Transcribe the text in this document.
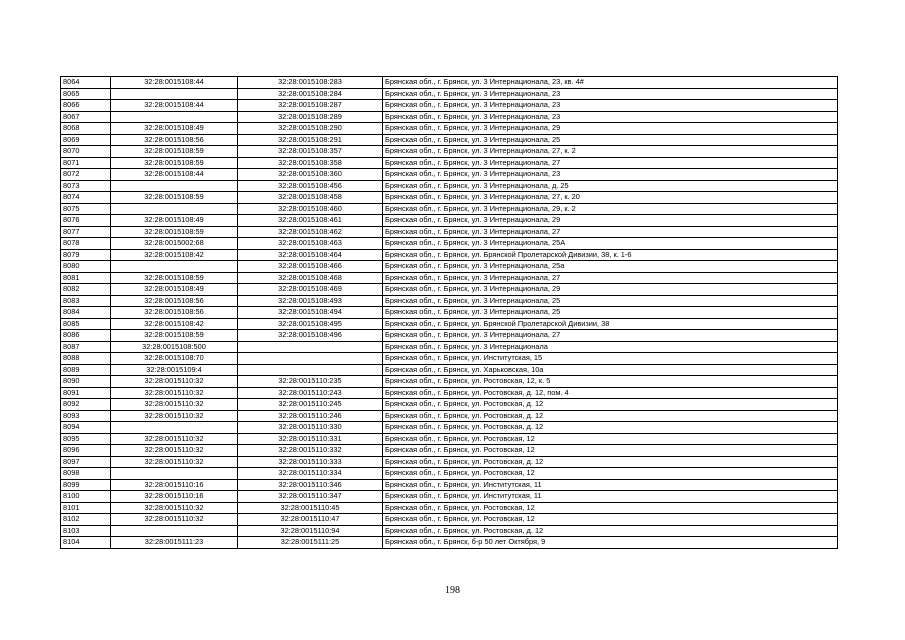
8064	32:28:0015108:44	32:28:0015108:283	Брянская обл., г. Брянск, ул. 3 Интернационала, 23, кв. 4#
8065		32:28:0015108:284	Брянская обл., г. Брянск, ул. 3 Интернационала, 23
8066	32:28:0015108:44	32:28:0015108:287	Брянская обл., г. Брянск, ул. 3 Интернационала, 23
8067		32:28:0015108:289	Брянская обл., г. Брянск, ул. 3 Интернационала, 23
8068	32:28:0015108:49	32:28:0015108:290	Брянская обл., г. Брянск, ул. 3 Интернационала, 29
8069	32:28:0015108:56	32:28:0015108:291	Брянская обл., г. Брянск, ул. 3 Интернационала, 25
8070	32:28:0015108:59	32:28:0015108:357	Брянская обл., г. Брянск, ул. 3 Интернационала, 27, к. 2
8071	32:28:0015108:59	32:28:0015108:358	Брянская обл., г. Брянск, ул. 3 Интернационала, 27
8072	32:28:0015108:44	32:28:0015108:360	Брянская обл., г. Брянск, ул. 3 Интернационала, 23
8073		32:28:0015108:456	Брянская обл., г. Брянск, ул. 3 Интернационала, д. 25
8074	32:28:0015108:59	32:28:0015108:458	Брянская обл., г. Брянск, ул. 3 Интернационала, 27, к. 20
8075		32:28:0015108:460	Брянская обл., г. Брянск, ул. 3 Интернационала, 29, к. 2
8076	32:28:0015108:49	32:28:0015108:461	Брянская обл., г. Брянск, ул. 3 Интернационала, 29
8077	32:28:0015108:59	32:28:0015108:462	Брянская обл., г. Брянск, ул. 3 Интернационала, 27
8078	32:28:0015002:68	32:28:0015108:463	Брянская обл., г. Брянск, ул. 3 Интернационала, 25А
8079	32:28:0015108:42	32:28:0015108:464	Брянская обл., г. Брянск, ул. Брянской Пролетарской Дивизии, 38, к. 1-6
8080		32:28:0015108:466	Брянская обл., г. Брянск, ул. 3 Интернационала, 25а
8081	32:28:0015108:59	32:28:0015108:468	Брянская обл., г. Брянск, ул. 3 Интернационала, 27
8082	32:28:0015108:49	32:28:0015108:469	Брянская обл., г. Брянск, ул. 3 Интернационала, 29
8083	32:28:0015108:56	32:28:0015108:493	Брянская обл., г. Брянск, ул. 3 Интернационала, 25
8084	32:28:0015108:56	32:28:0015108:494	Брянская обл., г. Брянск, ул. 3 Интернационала, 25
8085	32:28:0015108:42	32:28:0015108:495	Брянская обл., г. Брянск, ул. Брянской Пролетарской Дивизии, 38
8086	32:28:0015108:59	32:28:0015108:496	Брянская обл., г. Брянск, ул. 3 Интернационала, 27
8087	32:28:0015108:500		Брянская обл., г. Брянск, ул. 3 Интернационала
8088	32:28:0015108:70		Брянская обл., г. Брянск, ул. Институтская, 15
8089	32:28:0015109:4		Брянская обл., г. Брянск, ул. Харьковская, 10а
8090	32:28:0015110:32	32:28:0015110:235	Брянская обл., г. Брянск, ул. Ростовская, 12, к. 5
8091	32:28:0015110:32	32:28:0015110:243	Брянская обл., г. Брянск, ул. Ростовская, д. 12, пом. 4
8092	32:28:0015110:32	32:28:0015110:245	Брянская обл., г. Брянск, ул. Ростовская, д. 12
8093	32:28:0015110:32	32:28:0015110:246	Брянская обл., г. Брянск, ул. Ростовская, д. 12
8094		32:28:0015110:330	Брянская обл., г. Брянск, ул. Ростовская, д. 12
8095	32:28:0015110:32	32:28:0015110:331	Брянская обл., г. Брянск, ул. Ростовская, 12
8096	32:28:0015110:32	32:28:0015110:332	Брянская обл., г. Брянск, ул. Ростовская, 12
8097	32:28:0015110:32	32:28:0015110:333	Брянская обл., г. Брянск, ул. Ростовская, д. 12
8098		32:28:0015110:334	Брянская обл., г. Брянск, ул. Ростовская, 12
8099	32:28:0015110:16	32:28:0015110:346	Брянская обл., г. Брянск, ул. Институтская, 11
8100	32:28:0015110:16	32:28:0015110:347	Брянская обл., г. Брянск, ул. Институтская, 11
8101	32:28:0015110:32	32:28:0015110:45	Брянская обл., г. Брянск, ул. Ростовская, 12
8102	32:28:0015110:32	32:28:0015110:47	Брянская обл., г. Брянск, ул. Ростовская, 12
8103		32:28:0015110:94	Брянская обл., г. Брянск, ул. Ростовская, д. 12
8104	32:28:0015111:23	32:28:0015111:25	Брянская обл., г. Брянск, б-р 50 лет Октября, 9
198
